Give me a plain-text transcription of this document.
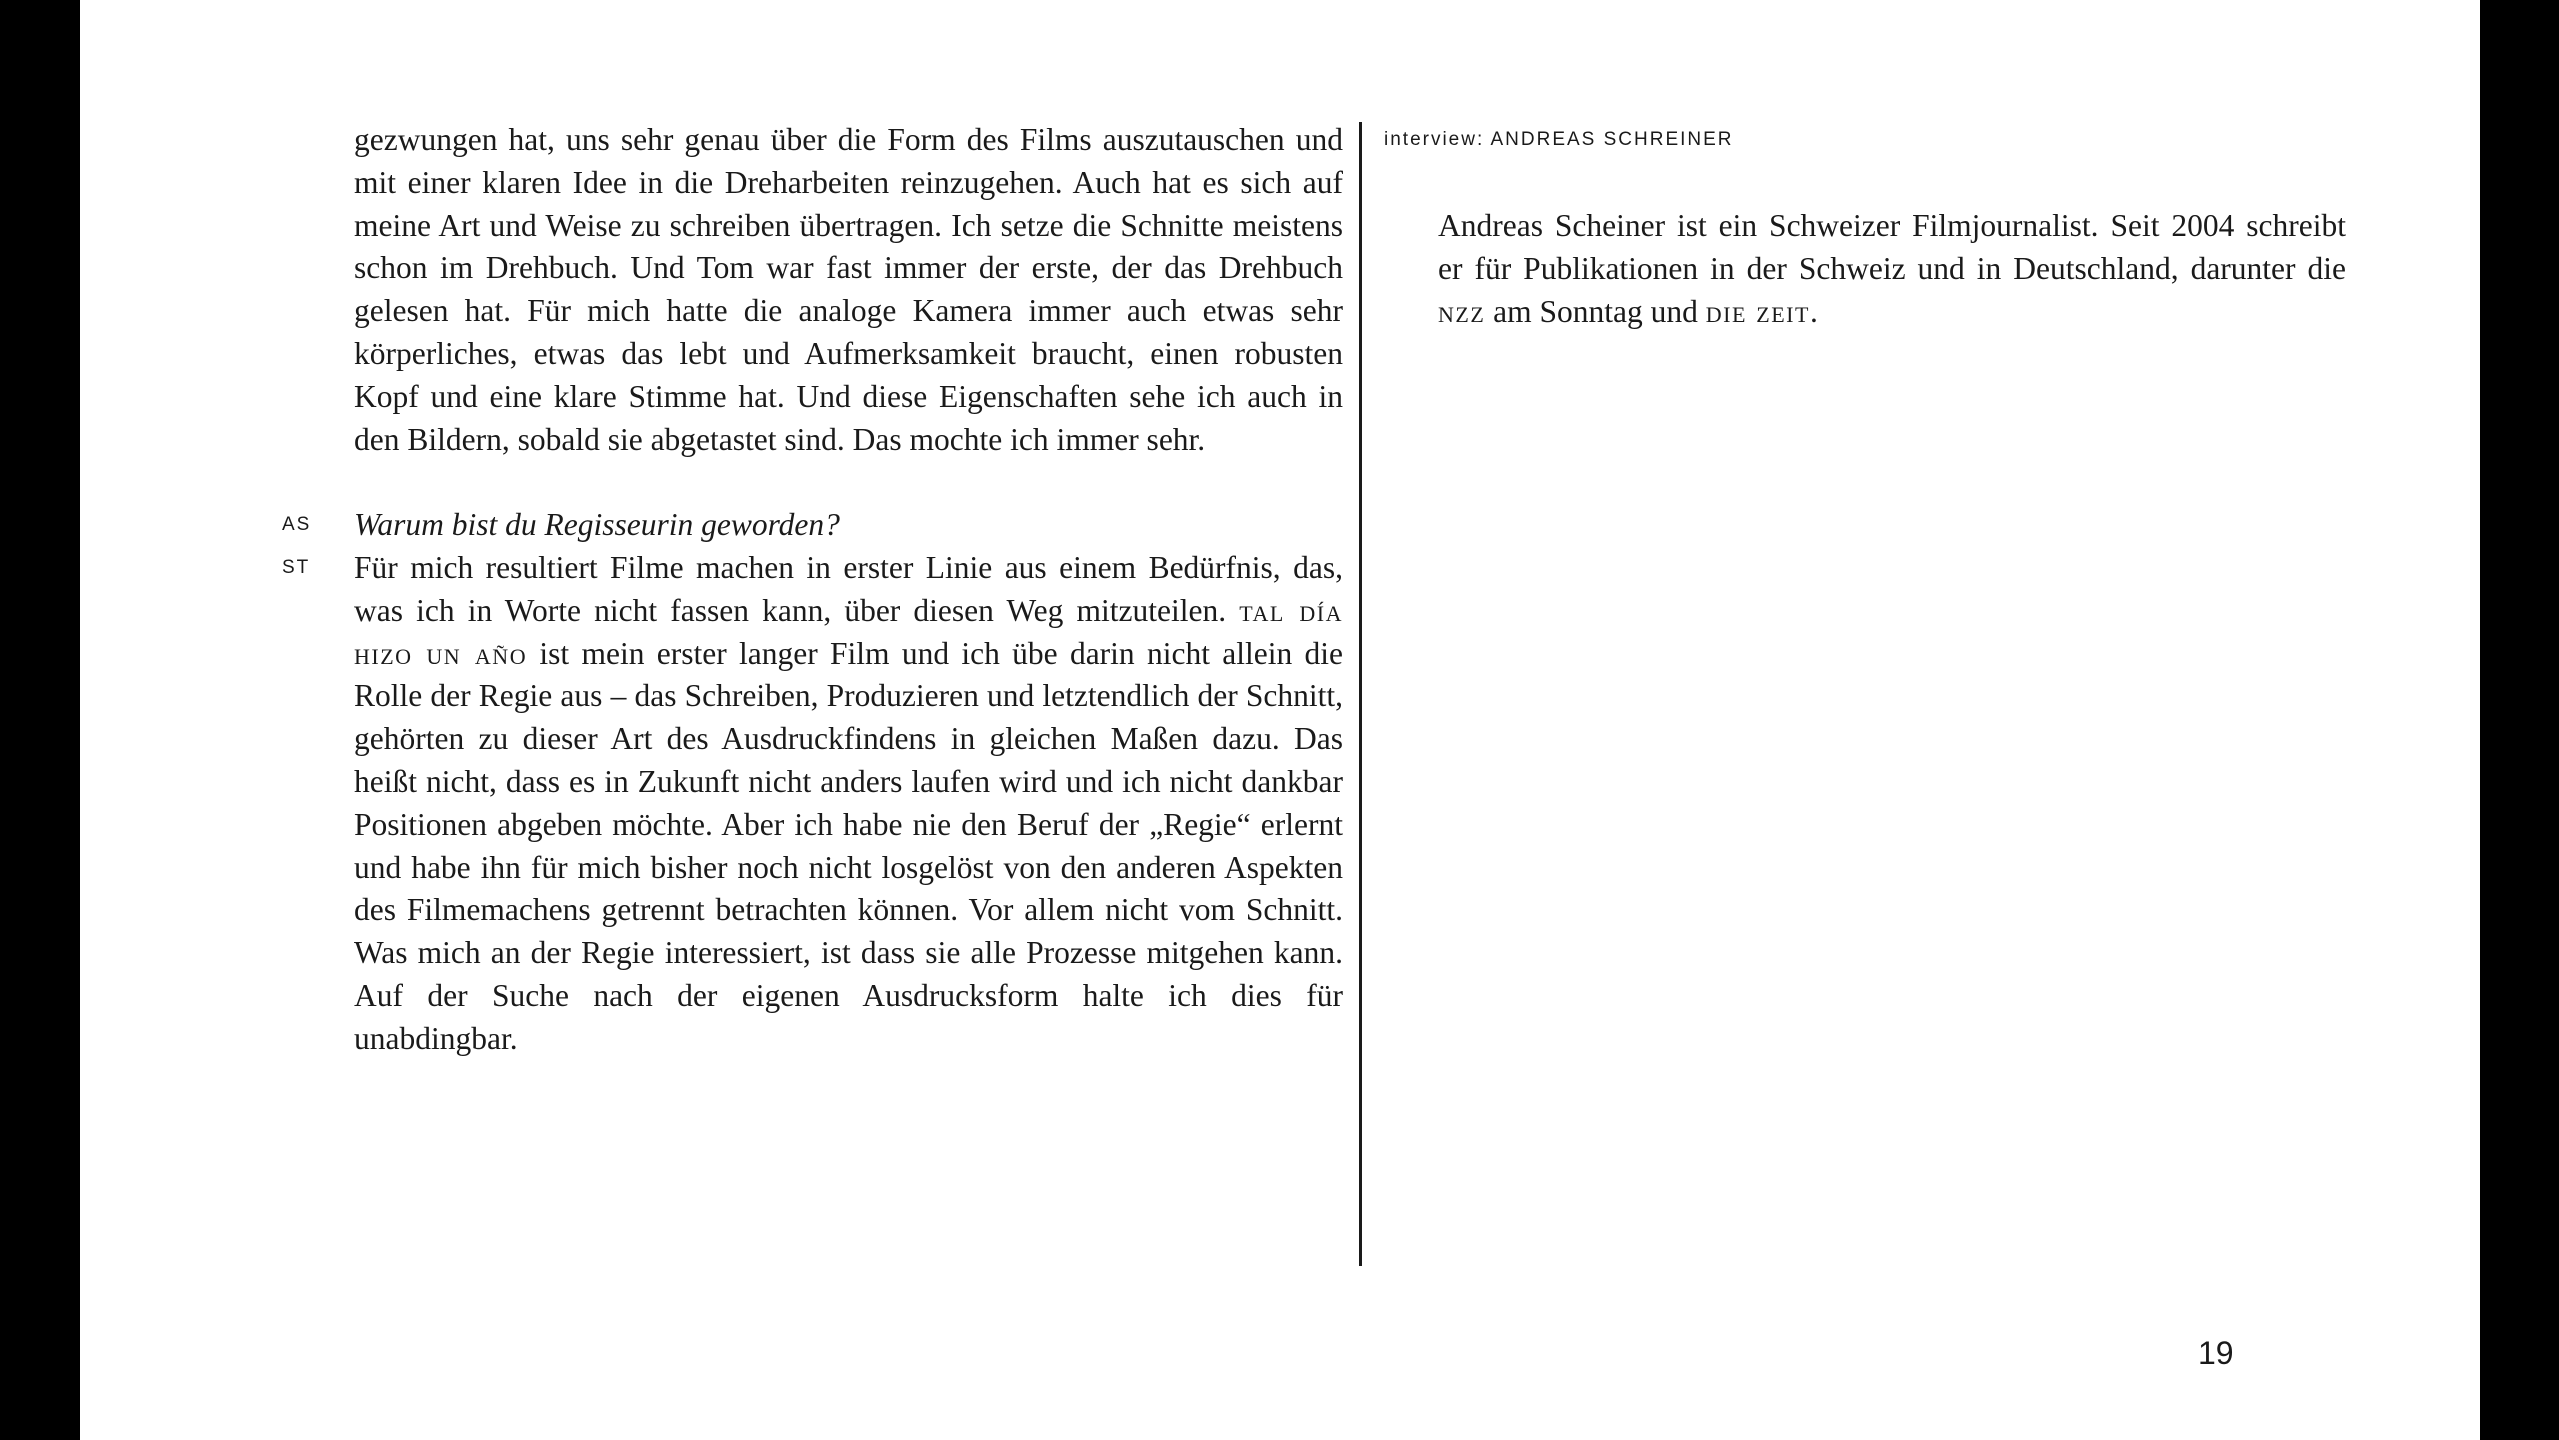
gezwungen hat, uns sehr genau über die Form des Films auszutauschen und mit einer klaren Idee in die Dreharbeiten reinzugehen. Auch hat es sich auf meine Art und Weise zu schreiben übertragen. Ich setze die Schnitte meistens schon im Drehbuch. Und Tom war fast immer der erste, der das Drehbuch gelesen hat. Für mich hatte die analoge Kamera immer auch etwas sehr körperliches, etwas das lebt und Aufmerksamkeit braucht, einen robusten Kopf und eine klare Stimme hat. Und diese Eigenschaften sehe ich auch in den Bildern, sobald sie abgetastet sind. Das mochte ich immer sehr.

AS Warum bist du Regisseurin geworden?

ST Für mich resultiert Filme machen in erster Linie aus einem Bedürfnis, das, was ich in Worte nicht fassen kann, über diesen Weg mitzuteilen. tal día hizo un año ist mein erster langer Film und ich übe darin nicht allein die Rolle der Regie aus – das Schreiben, Produzieren und letztendlich der Schnitt, gehörten zu dieser Art des Ausdruckfindens in gleichen Maßen dazu. Das heißt nicht, dass es in Zukunft nicht anders laufen wird und ich nicht dankbar Positionen abgeben möchte. Aber ich habe nie den Beruf der „Regie“ erlernt und habe ihn für mich bisher noch nicht losgelöst von den anderen Aspekten des Filmemachens getrennt betrachten können. Vor allem nicht vom Schnitt. Was mich an der Regie interessiert, ist dass sie alle Prozesse mitgehen kann. Auf der Suche nach der eigenen Ausdrucksform halte ich dies für unabdingbar.

interview: ANDREAS SCHREINER

Andreas Scheiner ist ein Schweizer Filmjournalist. Seit 2004 schreibt er für Publikationen in der Schweiz und in Deutschland, darunter die nzz am Sonntag und die zeit.

19
